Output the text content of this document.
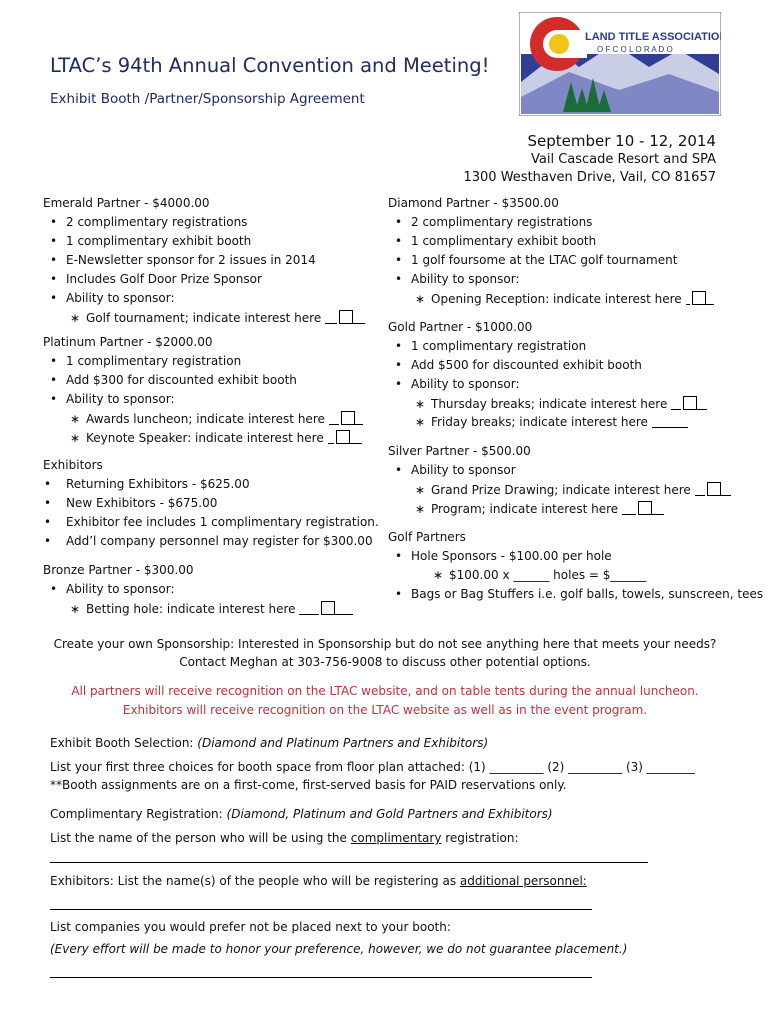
LAND TITLE ASSOCIATION
O F C O L O R A D O
LTAC’s 94th Annual Convention and Meeting!
Exhibit Booth /Partner/Sponsorship Agreement
September 10 - 12, 2014
Vail Cascade Resort and SPA
1300 Westhaven Drive, Vail, CO 81657
Emerald Partner - $4000.00
• 2 complimentary registrations
• 1 complimentary exhibit booth
• E-Newsletter sponsor for 2 issues in 2014
• Includes Golf Door Prize Sponsor
• Ability to sponsor:
∗ Golf tournament; indicate interest here
Platinum Partner - $2000.00
• 1 complimentary registration
• Add $300 for discounted exhibit booth
• Ability to sponsor:
∗ Awards luncheon; indicate interest here
∗ Keynote Speaker: indicate interest here
Exhibitors
• Returning Exhibitors - $625.00
• New Exhibitors - $675.00
• Exhibitor fee includes 1 complimentary registration.
• Add’l company personnel may register for $300.00
Bronze Partner - $300.00
• Ability to sponsor:
∗ Betting hole: indicate interest here
Diamond Partner - $3500.00
• 2 complimentary registrations
• 1 complimentary exhibit booth
• 1 golf foursome at the LTAC golf tournament
• Ability to sponsor:
∗ Opening Reception: indicate interest here
Gold Partner - $1000.00
• 1 complimentary registration
• Add $500 for discounted exhibit booth
• Ability to sponsor:
∗ Thursday breaks; indicate interest here
∗ Friday breaks; indicate interest here
Silver Partner - $500.00
• Ability to sponsor
∗ Grand Prize Drawing; indicate interest here
∗ Program; indicate interest here
Golf Partners
• Hole Sponsors - $100.00 per hole
∗ $100.00 x ______ holes = $______
• Bags or Bag Stuffers i.e. golf balls, towels, sunscreen, tees
Create your own Sponsorship: Interested in Sponsorship but do not see anything here that meets your needs?
Contact Meghan at 303-756-9008 to discuss other potential options.
All partners will receive recognition on the LTAC website, and on table tents during the annual luncheon.
Exhibitors will receive recognition on the LTAC website as well as in the event program.
Exhibit Booth Selection: (Diamond and Platinum Partners and Exhibitors)
List your first three choices for booth space from floor plan attached: (1) _________ (2) _________ (3) ________
**Booth assignments are on a first-come, first-served basis for PAID reservations only.
Complimentary Registration: (Diamond, Platinum and Gold Partners and Exhibitors)
List the name of the person who will be using the complimentary registration:
Exhibitors: List the name(s) of the people who will be registering as additional personnel:
List companies you would prefer not be placed next to your booth:
(Every effort will be made to honor your preference, however, we do not guarantee placement.)
